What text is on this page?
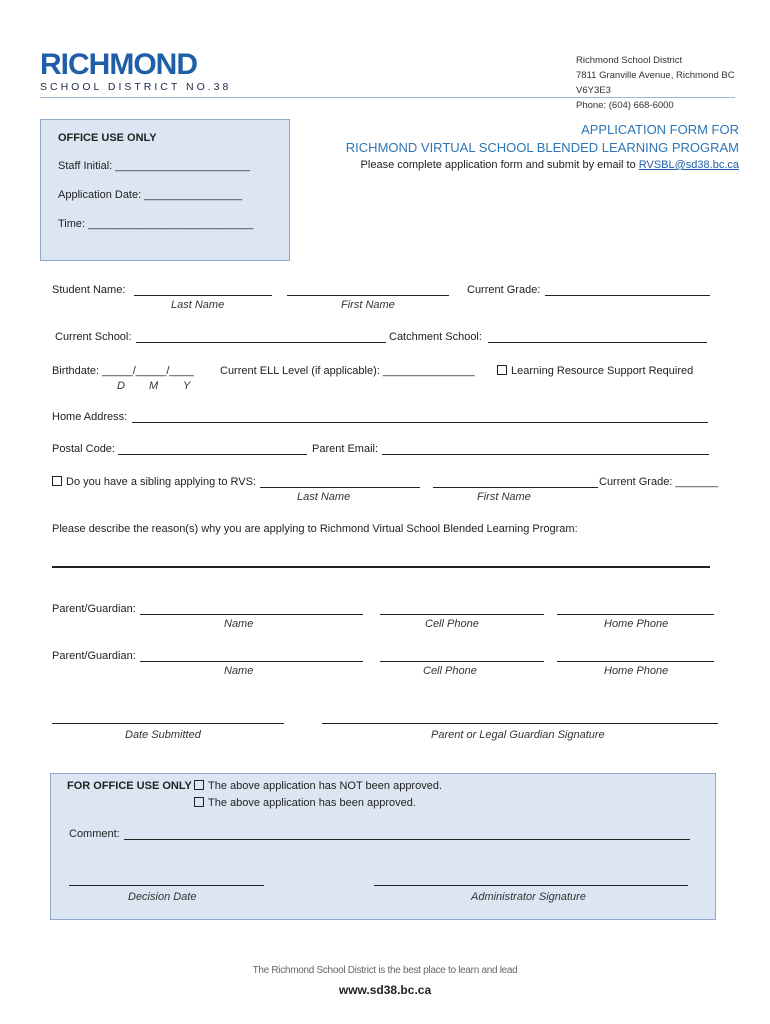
RICHMOND
SCHOOL DISTRICT NO.38
Richmond School District
7811 Granville Avenue, Richmond BC V6Y3E3
Phone: (604) 668-6000
OFFICE USE ONLY
Staff Initial: ______________________
Application Date: ________________
Time: ___________________________
APPLICATION FORM FOR
RICHMOND VIRTUAL SCHOOL BLENDED LEARNING PROGRAM
Please complete application form and submit by email to RVSBL@sd38.bc.ca
Student Name:
Last Name	First Name
Current Grade:
Current School:	Catchment School:
Birthdate: _____/_____/____
D M Y
Current ELL Level (if applicable): _______________	Learning Resource Support Required
Home Address:
Postal Code:	Parent Email:
Do you have a sibling applying to RVS:	Current Grade: _______
Last Name	First Name
Please describe the reason(s) why you are applying to Richmond Virtual School Blended Learning Program:
Parent/Guardian:
Name	Cell Phone	Home Phone
Parent/Guardian:
Name	Cell Phone	Home Phone
Date Submitted	Parent or Legal Guardian Signature
FOR OFFICE USE ONLY	The above application has NOT been approved.
The above application has been approved.
Comment:
Decision Date	Administrator Signature
The Richmond School District is the best place to learn and lead
www.sd38.bc.ca
